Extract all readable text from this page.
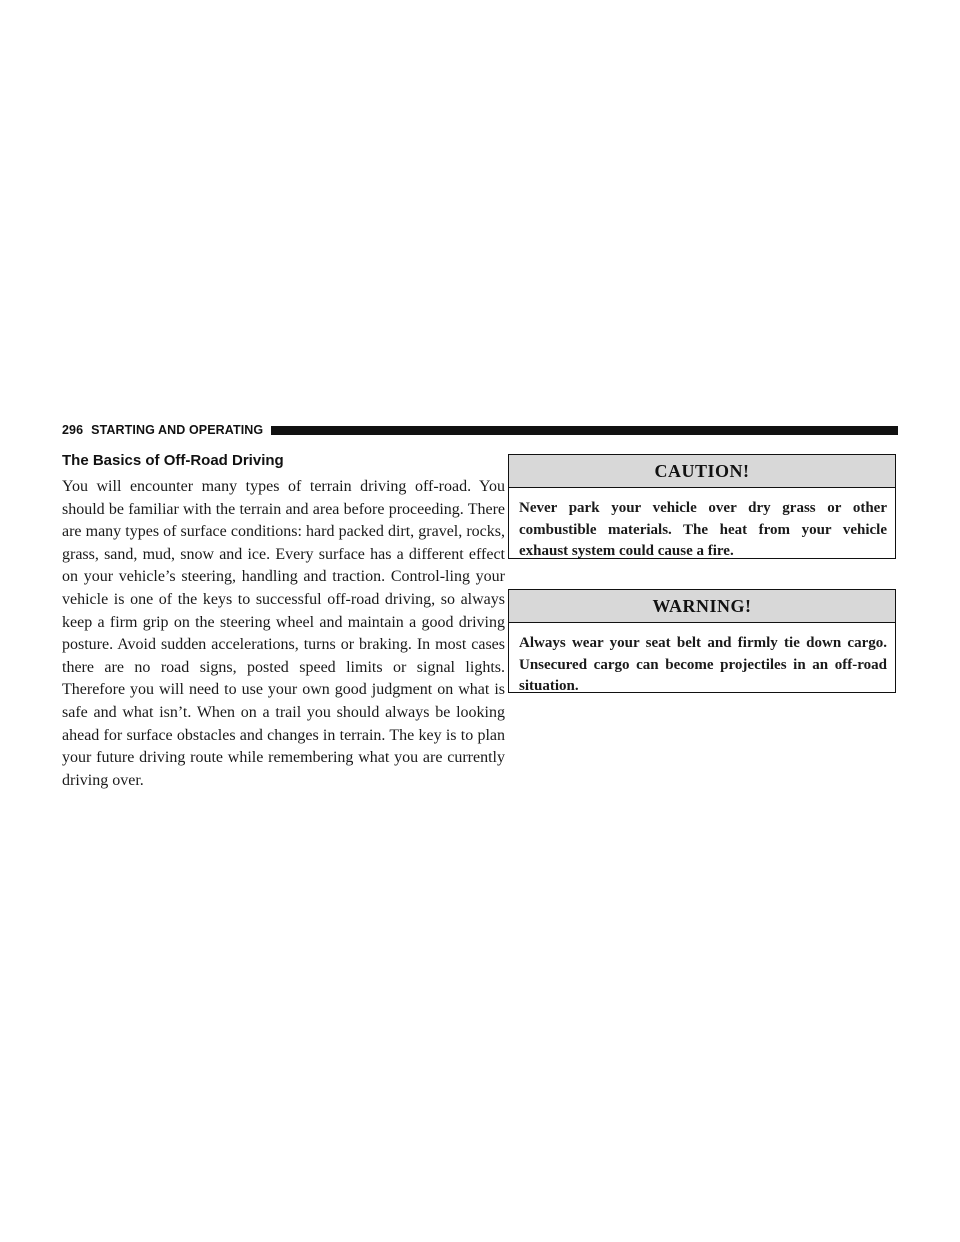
296 STARTING AND OPERATING
The Basics of Off-Road Driving

You will encounter many types of terrain driving off-road. You should be familiar with the terrain and area before proceeding. There are many types of surface conditions: hard packed dirt, gravel, rocks, grass, sand, mud, snow and ice. Every surface has a different effect on your vehicle’s steering, handling and traction. Control-ling your vehicle is one of the keys to successful off-road driving, so always keep a firm grip on the steering wheel and maintain a good driving posture. Avoid sudden accelerations, turns or braking. In most cases there are no road signs, posted speed limits or signal lights. Therefore you will need to use your own good judgment on what is safe and what isn’t. When on a trail you should always be looking ahead for surface obstacles and changes in terrain. The key is to plan your future driving route while remembering what you are currently driving over.

CAUTION!
Never park your vehicle over dry grass or other combustible materials. The heat from your vehicle exhaust system could cause a fire.
WARNING!
Always wear your seat belt and firmly tie down cargo. Unsecured cargo can become projectiles in an off-road situation.
